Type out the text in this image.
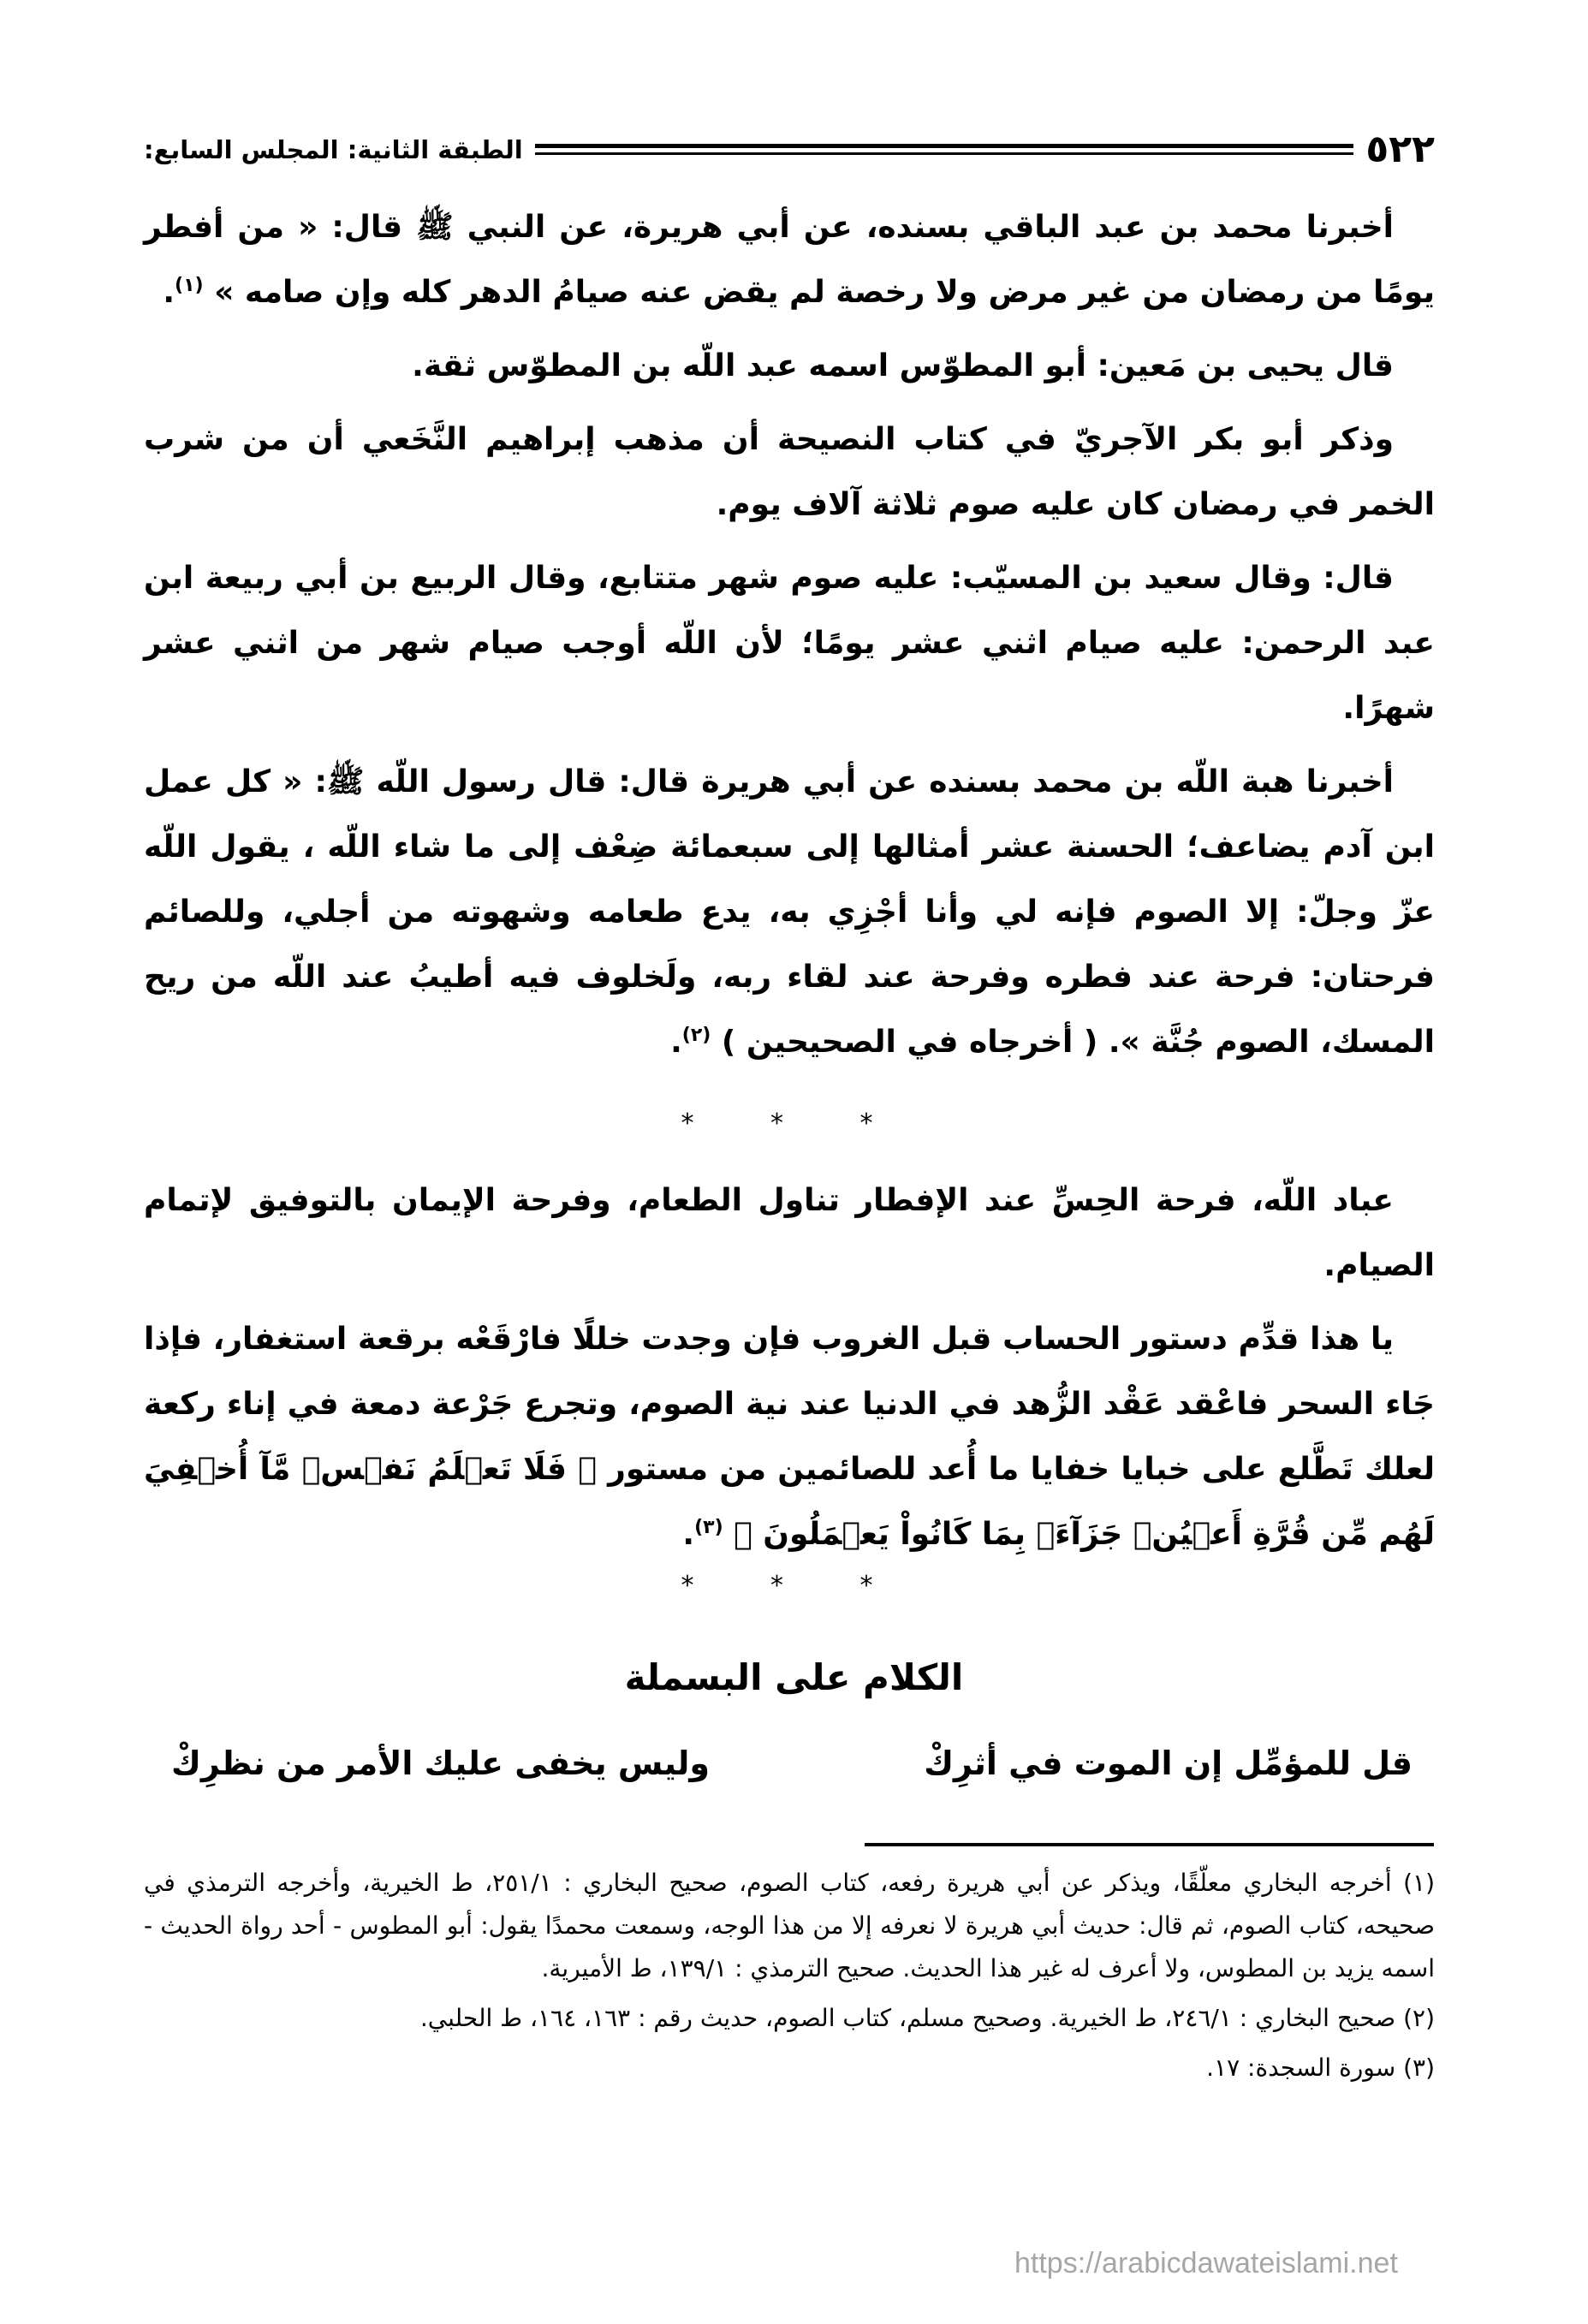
٥٢٢
الطبقة الثانية: المجلس السابع:

أخبرنا محمد بن عبد الباقي بسنده، عن أبي هريرة، عن النبي ﷺ قال: « من أفطر يومًا من رمضان من غير مرض ولا رخصة لم يقض عنه صيامُ الدهر كله وإن صامه » $^{(١)}$.

قال يحيى بن مَعين: أبو المطوّس اسمه عبد اللّه بن المطوّس ثقة.

وذكر أبو بكر الآجريّ في كتاب النصيحة أن مذهب إبراهيم النَّخَعي أن من شرب الخمر في رمضان كان عليه صوم ثلاثة آلاف يوم.

قال: وقال سعيد بن المسيّب: عليه صوم شهر متتابع، وقال الربيع بن أبي ربيعة ابن عبد الرحمن: عليه صيام اثني عشر يومًا؛ لأن اللّه أوجب صيام شهر من اثني عشر شهرًا.

أخبرنا هبة اللّه بن محمد بسنده عن أبي هريرة قال: قال رسول اللّه ﷺ: « كل عمل ابن آدم يضاعف؛ الحسنة عشر أمثالها إلى سبعمائة ضِعْف إلى ما شاء اللّه ، يقول اللّه عزّ وجلّ: إلا الصوم فإنه لي وأنا أجْزِي به، يدع طعامه وشهوته من أجلي، وللصائم فرحتان: فرحة عند فطره وفرحة عند لقاء ربه، ولَخلوف فيه أطيبُ عند اللّه من ريح المسك، الصوم جُنَّة ». ( أخرجاه في الصحيحين ) $^{(٢)}$.

* * *

عباد اللّه، فرحة الحِسِّ عند الإفطار تناول الطعام، وفرحة الإيمان بالتوفيق لإتمام الصيام.

يا هذا قدِّم دستور الحساب قبل الغروب فإن وجدت خللًا فارْقَعْه برقعة استغفار، فإذا جَاء السحر فاعْقد عَقْد الزُّهد في الدنيا عند نية الصوم، وتجرع جَرْعة دمعة في إناء ركعة لعلك تَطَّلع على خبايا خفايا ما أُعد للصائمين من مستور ﴿ فَلَا تَعۡلَمُ نَفۡسٞ مَّآ أُخۡفِيَ لَهُم مِّن قُرَّةِ أَعۡيُنٖ جَزَآءَۢ بِمَا كَانُواْ يَعۡمَلُونَ ﴾ $^{(٣)}$.

* * *
الكلام على البسملة
قل للمؤمِّل إن الموت في أثرِكْ
وليس يخفى عليك الأمر من نظرِكْ

(١) أخرجه البخاري معلّقًا، ويذكر عن أبي هريرة رفعه، كتاب الصوم، صحيح البخاري : ٢٥١/١، ط الخيرية، وأخرجه الترمذي في صحيحه، كتاب الصوم، ثم قال: حديث أبي هريرة لا نعرفه إلا من هذا الوجه، وسمعت محمدًا يقول: أبو المطوس - أحد رواة الحديث - اسمه يزيد بن المطوس، ولا أعرف له غير هذا الحديث. صحيح الترمذي : ١٣٩/١، ط الأميرية.

(٢) صحيح البخاري : ٢٤٦/١، ط الخيرية. وصحيح مسلم، كتاب الصوم، حديث رقم : ١٦٣، ١٦٤، ط الحلبي.

(٣) سورة السجدة: ١٧.

https://arabicdawateislami.net
